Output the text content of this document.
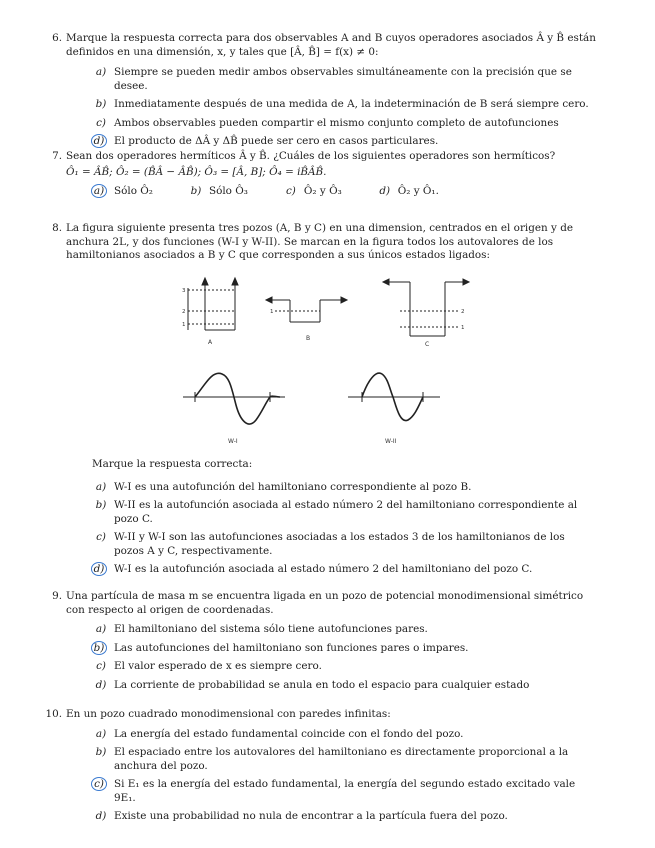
6. Marque la respuesta correcta para dos observables A and B cuyos operadores asociados Â y B̂ están definidos en una dimensión, x, y tales que [Â, B̂] = f(x) ≠ 0:
a) Siempre se pueden medir ambos observables simultáneamente con la precisión que se desee.
b) Inmediatamente después de una medida de A, la indeterminación de B será siempre cero.
c) Ambos observables pueden compartir el mismo conjunto completo de autofunciones
d) El producto de ΔÂ y ΔB̂ puede ser cero en casos particulares.
7. Sean dos operadores hermíticos Â y B̂. ¿Cuáles de los siguientes operadores son hermíticos?
Ô₁ = ÂB̂; Ô₂ = (B̂Â − ÂB̂); Ô₃ = [Â, B]; Ô₄ = iB̂ÂB̂.
a) Sólo Ô₂	b) Sólo Ô₃	c) Ô₂ y Ô₃	d) Ô₂ y Ô₁.
8. La figura siguiente presenta tres pozos (A, B y C) en una dimension, centrados en el origen y de anchura 2L, y dos funciones (W-I y W-II). Se marcan en la figura todos los autovalores de los hamiltonianos asociados a B y C que corresponden a sus únicos estados ligados:
3
2
1
A
1
B
2
1
C
W-I	W-II
Marque la respuesta correcta:
a) W-I es una autofunción del hamiltoniano correspondiente al pozo B.
b) W-II es la autofunción asociada al estado número 2 del hamiltoniano correspondiente al pozo C.
c) W-II y W-I son las autofunciones asociadas a los estados 3 de los hamiltonianos de los pozos A y C, respectivamente.
d) W-I es la autofunción asociada al estado número 2 del hamiltoniano del pozo C.
9. Una partícula de masa m se encuentra ligada en un pozo de potencial monodimensional simétrico con respecto al origen de coordenadas.
a) El hamiltoniano del sistema sólo tiene autofunciones pares.
b) Las autofunciones del hamiltoniano son funciones pares o impares.
c) El valor esperado de x es siempre cero.
d) La corriente de probabilidad se anula en todo el espacio para cualquier estado
10. En un pozo cuadrado monodimensional con paredes infinitas:
a) La energía del estado fundamental coincide con el fondo del pozo.
b) El espaciado entre los autovalores del hamiltoniano es directamente proporcional a la anchura del pozo.
c) Si E₁ es la energía del estado fundamental, la energía del segundo estado excitado vale 9E₁.
d) Existe una probabilidad no nula de encontrar a la partícula fuera del pozo.
